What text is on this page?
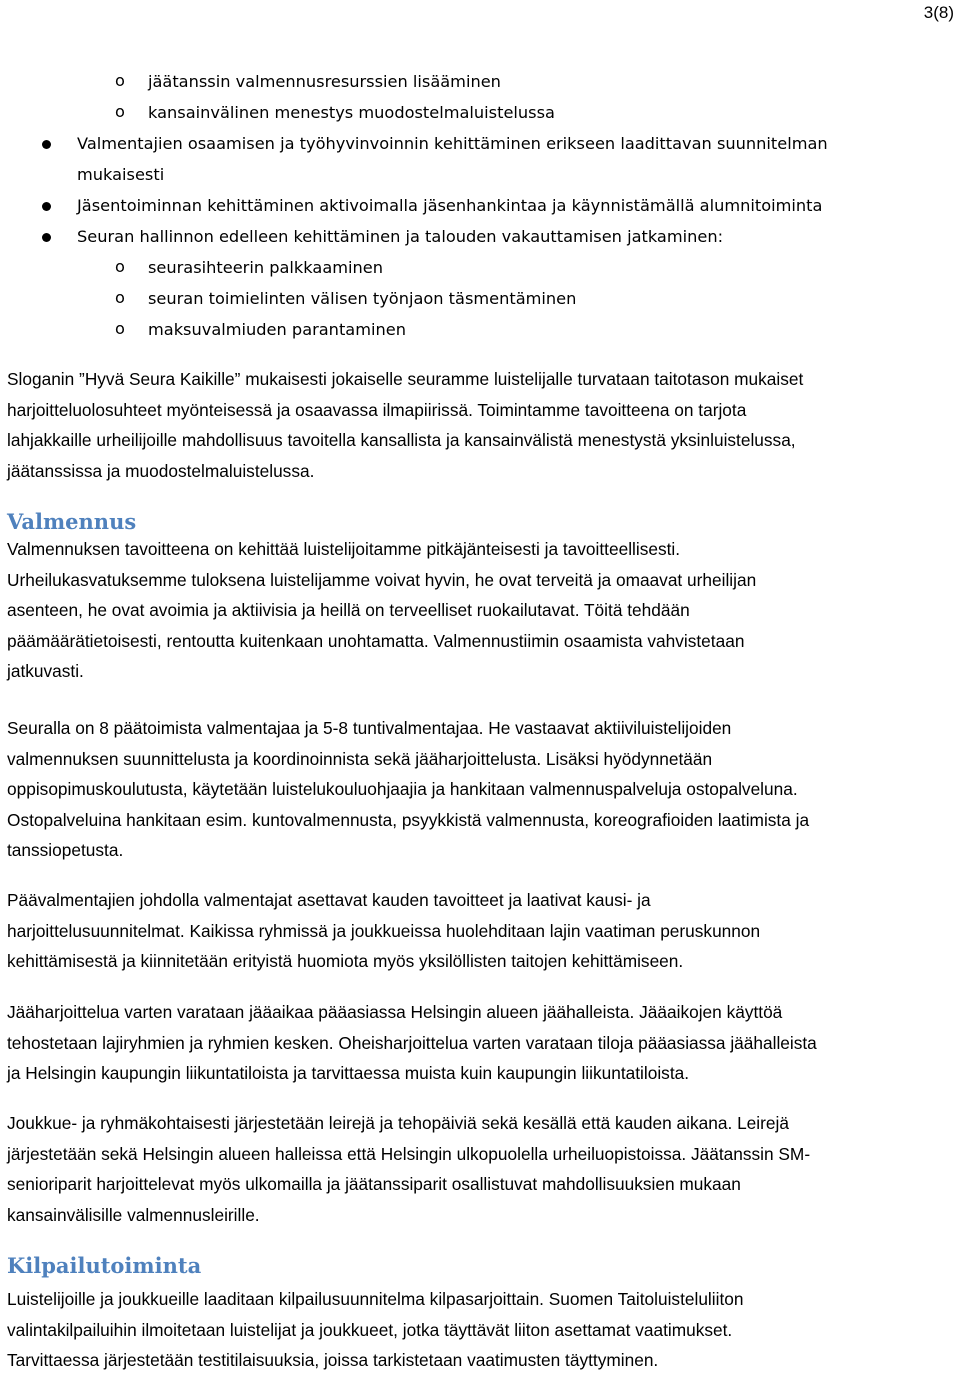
3(8)
o jäätanssin valmennusresurssien lisääminen
o kansainvälinen menestys muodostelmaluistelussa
Valmentajien osaamisen ja työhyvinvoinnin kehittäminen erikseen laadittavan suunnitelman
mukaisesti
Jäsentoiminnan kehittäminen aktivoimalla jäsenhankintaa ja käynnistämällä alumnitoiminta
Seuran hallinnon edelleen kehittäminen ja talouden vakauttamisen jatkaminen:
o seurasihteerin palkkaaminen
o seuran toimielinten välisen työnjaon täsmentäminen
o maksuvalmiuden parantaminen
Sloganin ”Hyvä Seura Kaikille” mukaisesti jokaiselle seuramme luistelijalle turvataan taitotason mukaiset
harjoitteluolosuhteet myönteisessä ja osaavassa ilmapiirissä. Toimintamme tavoitteena on tarjota
lahjakkaille urheilijoille mahdollisuus tavoitella kansallista ja kansainvälistä menestystä yksinluistelussa,
jäätanssissa ja muodostelmaluistelussa.
Valmennus
Valmennuksen tavoitteena on kehittää luistelijoitamme pitkäjänteisesti ja tavoitteellisesti.
Urheilukasvatuksemme tuloksena luistelijamme voivat hyvin, he ovat terveitä ja omaavat urheilijan
asenteen, he ovat avoimia ja aktiivisia ja heillä on terveelliset ruokailutavat. Töitä tehdään
päämäärätietoisesti, rentoutta kuitenkaan unohtamatta. Valmennustiimin osaamista vahvistetaan
jatkuvasti.
Seuralla on 8 päätoimista valmentajaa ja 5-8 tuntivalmentajaa. He vastaavat aktiiviluistelijoiden
valmennuksen suunnittelusta ja koordinoinnista sekä jääharjoittelusta. Lisäksi hyödynnetään
oppisopimuskoulutusta, käytetään luistelukouluohjaajia ja hankitaan valmennuspalveluja ostopalveluna.
Ostopalveluina hankitaan esim. kuntovalmennusta, psyykkistä valmennusta, koreografioiden laatimista ja
tanssiopetusta.
Päävalmentajien johdolla valmentajat asettavat kauden tavoitteet ja laativat kausi- ja
harjoittelusuunnitelmat. Kaikissa ryhmissä ja joukkueissa huolehditaan lajin vaatiman peruskunnon
kehittämisestä ja kiinnitetään erityistä huomiota myös yksilöllisten taitojen kehittämiseen.
Jääharjoittelua varten varataan jääaikaa pääasiassa Helsingin alueen jäähalleista. Jääaikojen käyttöä
tehostetaan lajiryhmien ja ryhmien kesken. Oheisharjoittelua varten varataan tiloja pääasiassa jäähalleista
ja Helsingin kaupungin liikuntatiloista ja tarvittaessa muista kuin kaupungin liikuntatiloista.
Joukkue- ja ryhmäkohtaisesti järjestetään leirejä ja tehopäiviä sekä kesällä että kauden aikana. Leirejä
järjestetään sekä Helsingin alueen halleissa että Helsingin ulkopuolella urheiluopistoissa. Jäätanssin SM-
senioriparit harjoittelevat myös ulkomailla ja jäätanssiparit osallistuvat mahdollisuuksien mukaan
kansainvälisille valmennusleirille.
Kilpailutoiminta
Luistelijoille ja joukkueille laaditaan kilpailusuunnitelma kilpasarjoittain. Suomen Taitoluisteluliiton
valintakilpailuihin ilmoitetaan luistelijat ja joukkueet, jotka täyttävät liiton asettamat vaatimukset.
Tarvittaessa järjestetään testitilaisuuksia, joissa tarkistetaan vaatimusten täyttyminen.
